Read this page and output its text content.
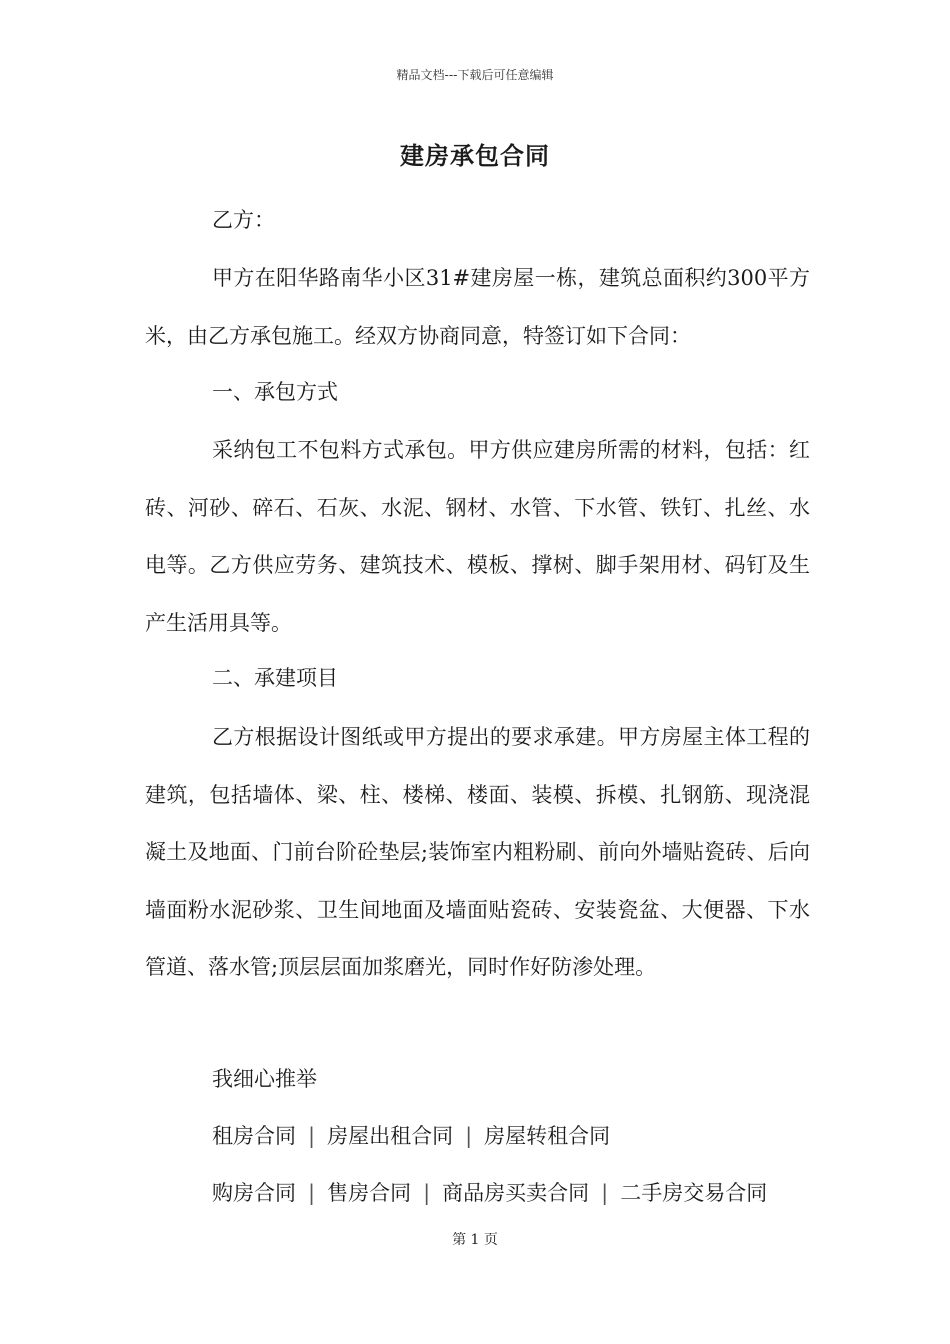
精品文档---下载后可任意编辑
建房承包合同
乙方：
甲方在阳华路南华小区31#建房屋一栋，建筑总面积约300平方米，由乙方承包施工。经双方协商同意，特签订如下合同：
一、承包方式
采纳包工不包料方式承包。甲方供应建房所需的材料，包括：红砖、河砂、碎石、石灰、水泥、钢材、水管、下水管、铁钉、扎丝、水电等。乙方供应劳务、建筑技术、模板、撑树、脚手架用材、码钉及生产生活用具等。
二、承建项目
乙方根据设计图纸或甲方提出的要求承建。甲方房屋主体工程的建筑，包括墙体、梁、柱、楼梯、楼面、装模、拆模、扎钢筋、现浇混凝土及地面、门前台阶砼垫层;装饰室内粗粉刷、前向外墙贴瓷砖、后向墙面粉水泥砂浆、卫生间地面及墙面贴瓷砖、安装瓷盆、大便器、下水管道、落水管;顶层层面加浆磨光，同时作好防渗处理。
我细心推举
租房合同 | 房屋出租合同 | 房屋转租合同
购房合同 | 售房合同 | 商品房买卖合同 | 二手房交易合同
第 1 页
